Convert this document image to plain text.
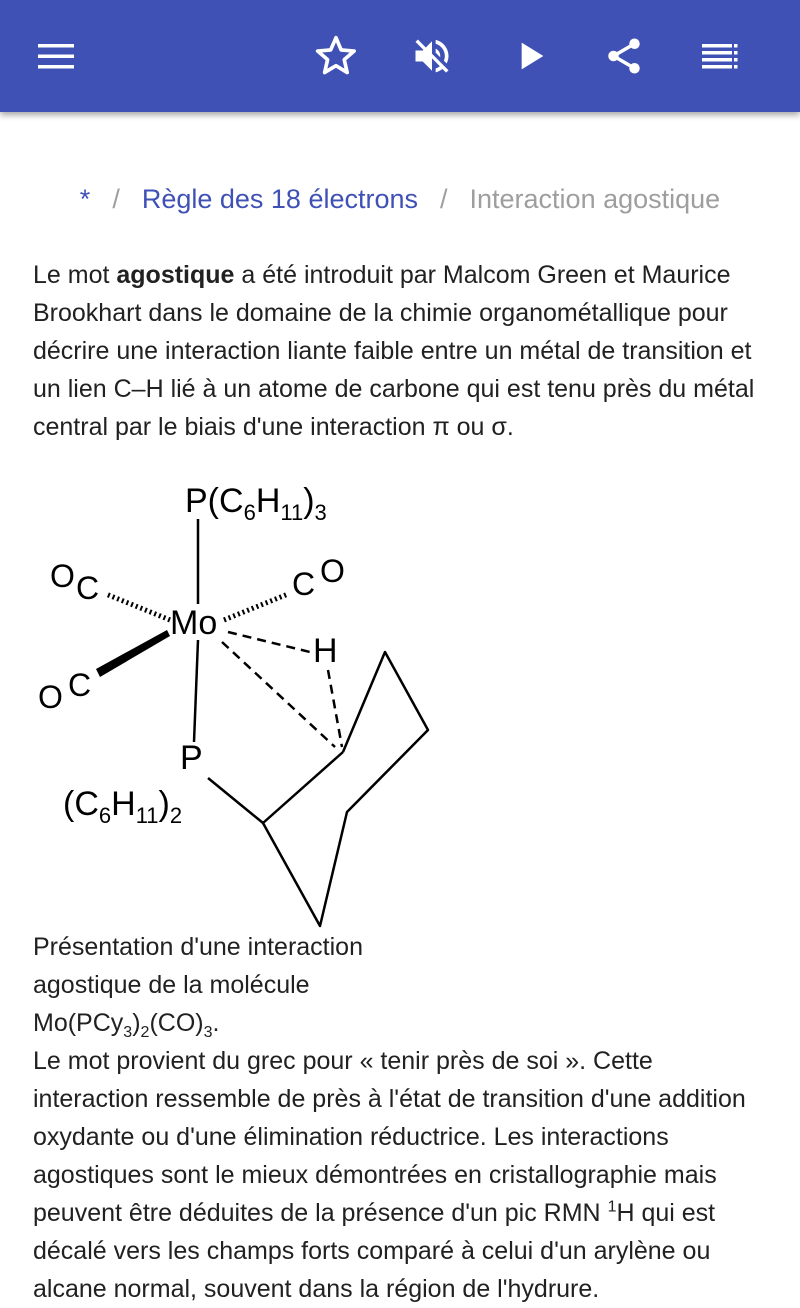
* / Règle des 18 électrons / Interaction agostique

Le mot agostique a été introduit par Malcom Green et Maurice Brookhart dans le domaine de la chimie organométallique pour décrire une interaction liante faible entre un métal de transition et un lien C–H lié à un atome de carbone qui est tenu près du métal central par le biais d'une interaction π ou σ.

$P(C_6H_{11})_3$
Mo
H
P
O C	C O
O C
$(C_6H_{11})_2$

Présentation d'une interaction agostique de la molécule
$Mo(PCy_3)_2(CO)_3$.

Le mot provient du grec pour « tenir près de soi ». Cette interaction ressemble de près à l'état de transition d'une addition oxydante ou d'une élimination réductrice. Les interactions agostiques sont le mieux démontrées en cristallographie mais peuvent être déduites de la présence d'un pic RMN $^1$H qui est décalé vers les champs forts comparé à celui d'un arylène ou alcane normal, souvent dans la région de l'hydrure.
